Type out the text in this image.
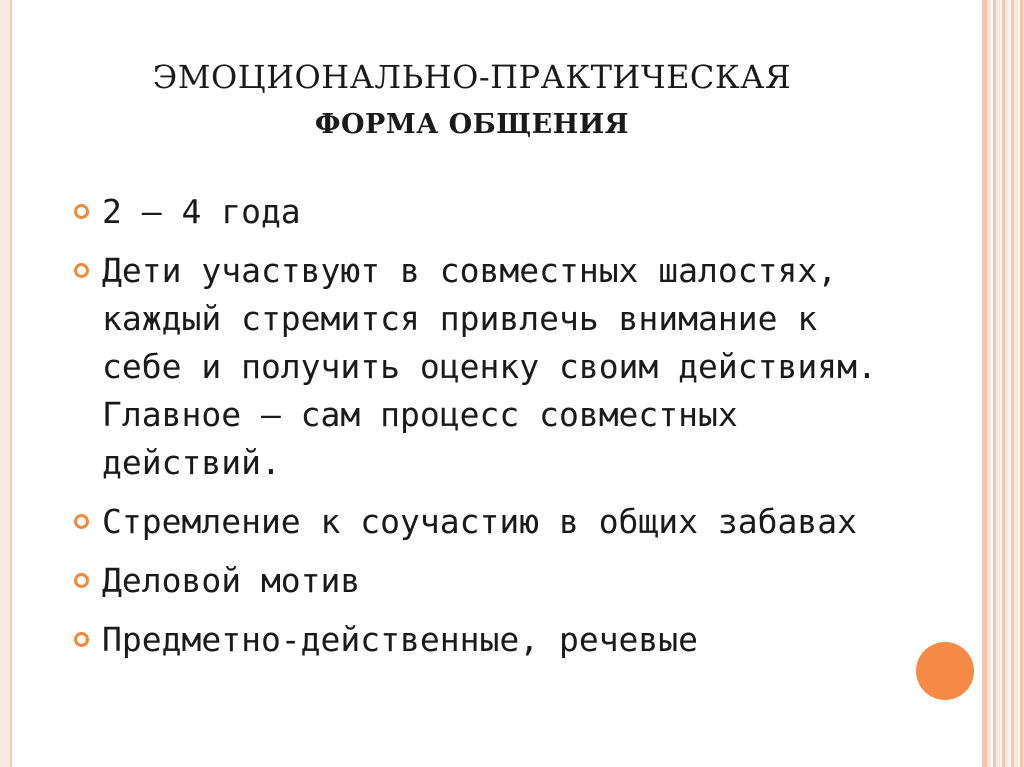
ЭМОЦИОНАЛЬНО-ПРАКТИЧЕСКАЯ
ФОРМА ОБЩЕНИЯ
2 – 4 года
Дети участвуют в совместных шалостях, каждый стремится привлечь внимание к себе и получить оценку своим действиям. Главное – сам процесс совместных действий.
Стремление к соучастию в общих забавах
Деловой мотив
Предметно-действенные, речевые
